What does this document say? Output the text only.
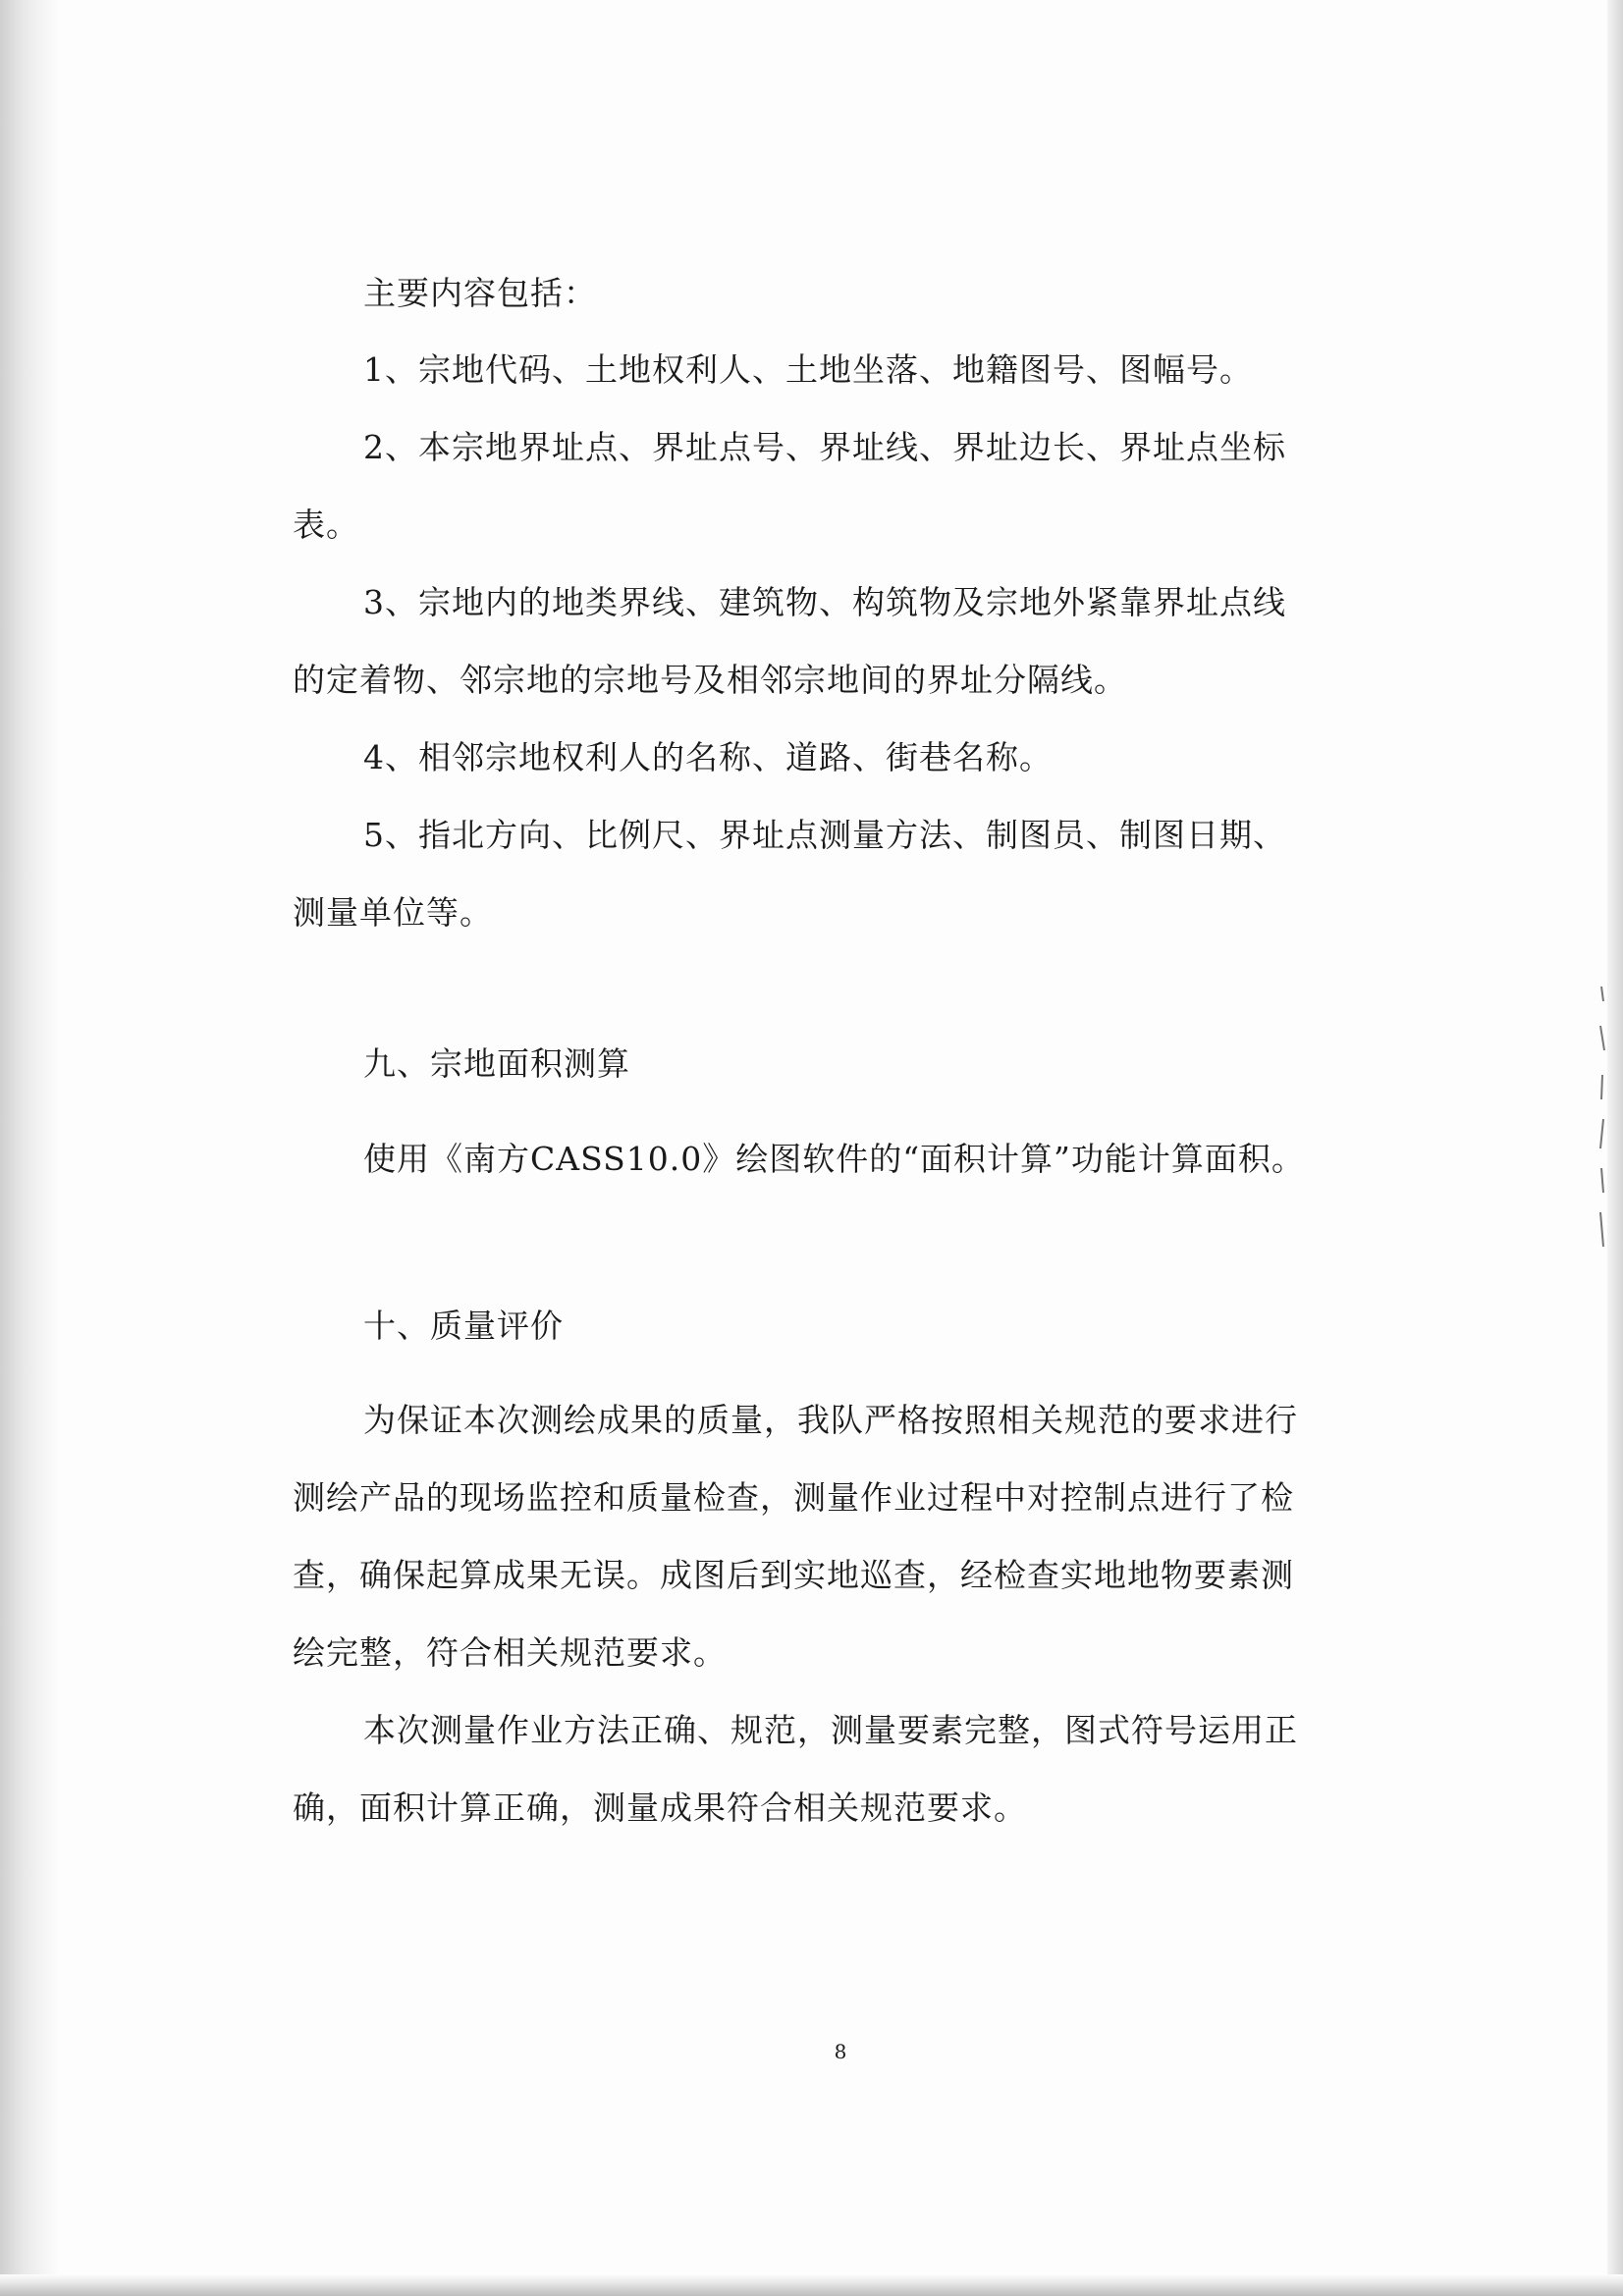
主要内容包括：
1、宗地代码、土地权利人、土地坐落、地籍图号、图幅号。
2、本宗地界址点、界址点号、界址线、界址边长、界址点坐标
表。
3、宗地内的地类界线、建筑物、构筑物及宗地外紧靠界址点线
的定着物、邻宗地的宗地号及相邻宗地间的界址分隔线。
4、相邻宗地权利人的名称、道路、街巷名称。
5、指北方向、比例尺、界址点测量方法、制图员、制图日期、
测量单位等。
九、宗地面积测算
使用《南方CASS10.0》绘图软件的“面积计算”功能计算面积。
十、质量评价
为保证本次测绘成果的质量，我队严格按照相关规范的要求进行
测绘产品的现场监控和质量检查，测量作业过程中对控制点进行了检
查，确保起算成果无误。成图后到实地巡查，经检查实地地物要素测
绘完整，符合相关规范要求。
本次测量作业方法正确、规范，测量要素完整，图式符号运用正
确，面积计算正确，测量成果符合相关规范要求。
8
